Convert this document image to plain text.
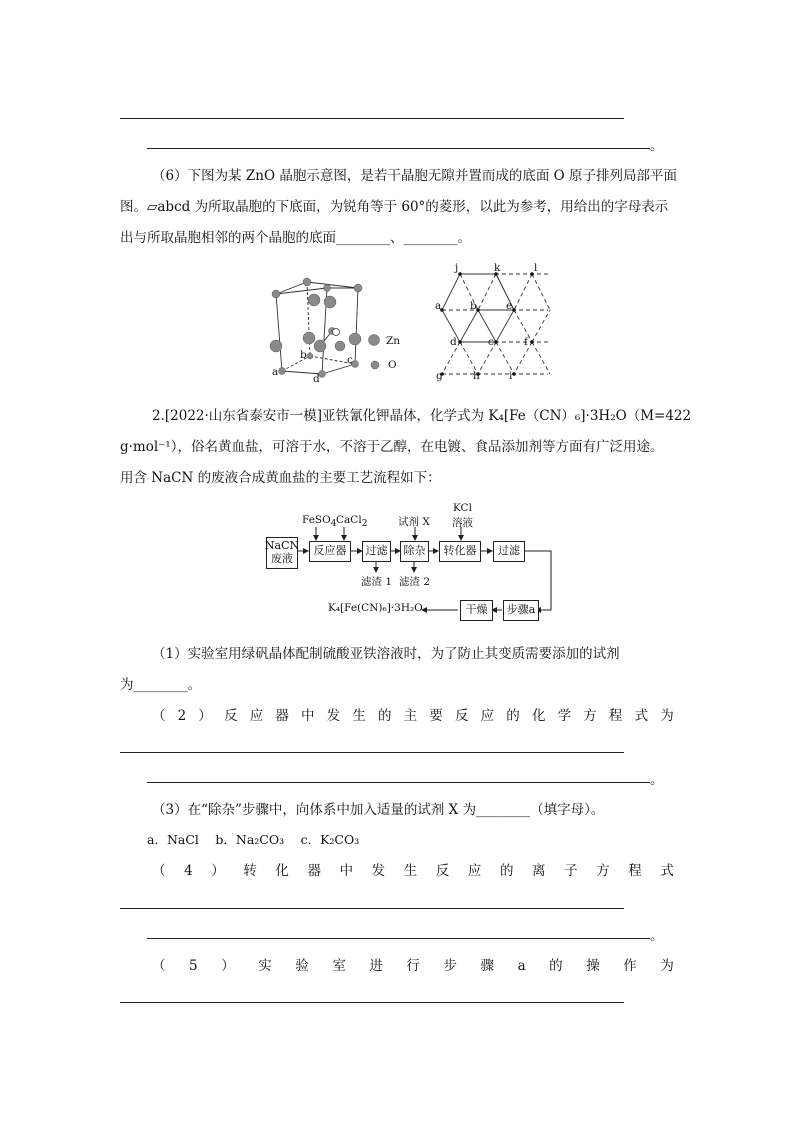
。
（6）下图为某 ZnO 晶胞示意图，是若干晶胞无隙并置而成的底面 O 原子排列局部平面
图。▱abcd 为所取晶胞的下底面，为锐角等于 60°的菱形，以此为参考，用给出的字母表示
出与所取晶胞相邻的两个晶胞的底面________、________。
Zn
O
a
b	c
d
j	k	l
a	b	e
d	c	f
g	h	i
2.[2022·山东省泰安市一模]亚铁氰化钾晶体，化学式为 K₄[Fe（CN）₆]·3H₂O（M=422
g·mol⁻¹），俗名黄血盐，可溶于水，不溶于乙醇，在电镀、食品添加剂等方面有广泛用途。
用含 NaCN 的废液合成黄血盐的主要工艺流程如下：
NaCN
废液
反应器 过滤 除杂 转化器 过滤
步骤a
干燥
FeSO$_4$ CaCl$_2$	试剂 X
KCl
溶液
滤渣 1 滤渣 2
K₄[Fe(CN)₆]·3H₂O
（1）实验室用绿矾晶体配制硫酸亚铁溶液时，为了防止其变质需要添加的试剂
为________。
（ 2 ） 反 应 器 中 发 生 的 主 要 反 应 的 化 学 方 程 式 为
。
（3）在“除杂”步骤中，向体系中加入适量的试剂 X 为________（填字母）。
a．NaCl　 b．Na₂CO₃　 c．K₂CO₃
（ 4 ） 转 化 器 中 发 生 反 应 的 离 子 方 程 式
。
（ 5 ） 实 验 室 进 行 步 骤 a 的 操 作 为
